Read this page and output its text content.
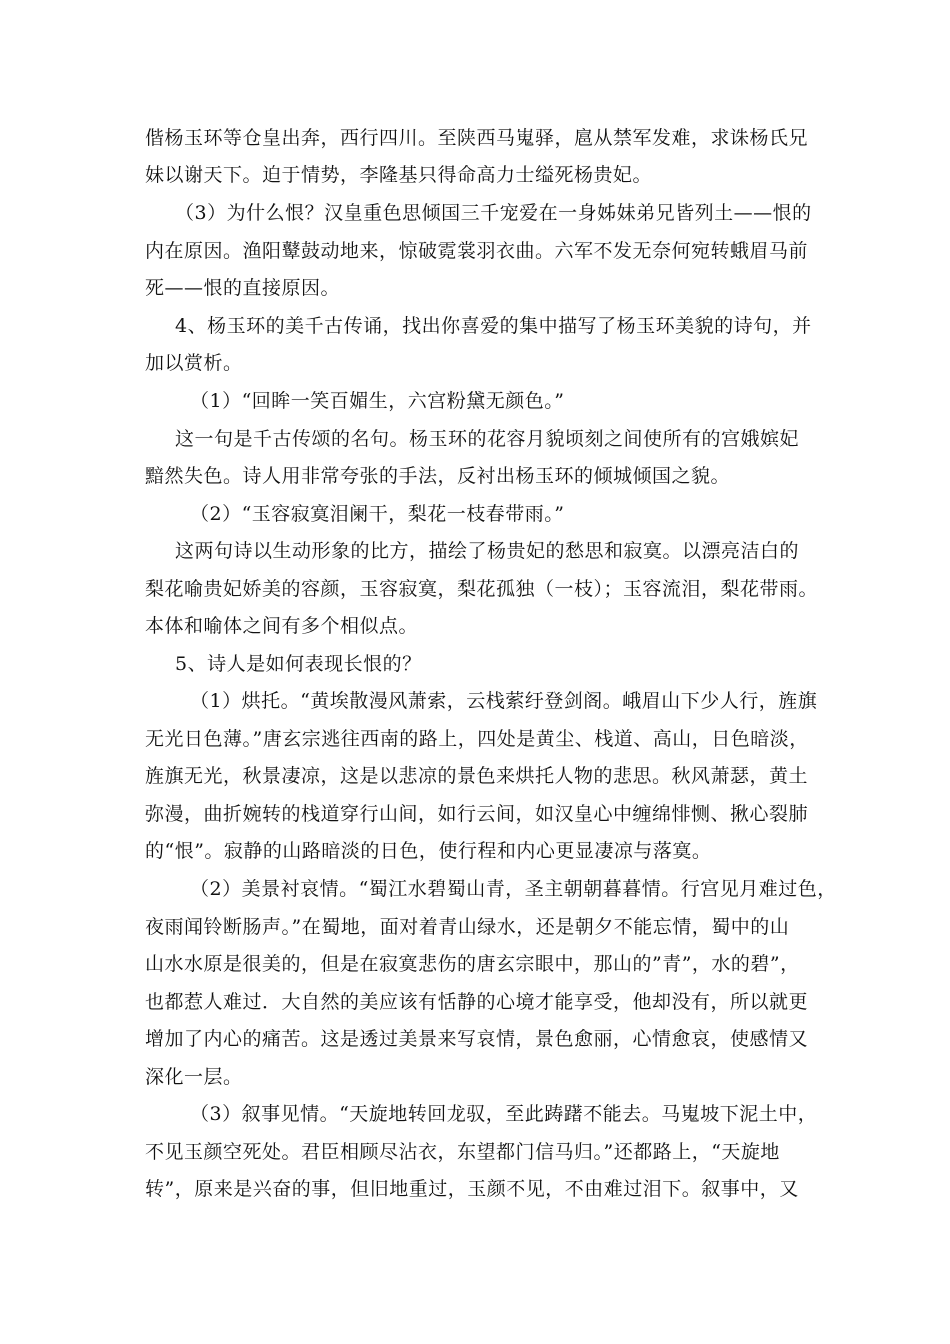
偕杨玉环等仓皇出奔，西行四川。至陕西马嵬驿，扈从禁军发难，求诛杨氏兄
妹以谢天下。迫于情势，李隆基只得命高力士缢死杨贵妃。
（3）为什么恨？汉皇重色思倾国三千宠爱在一身姊妹弟兄皆列土——恨的
内在原因。渔阳鼙鼓动地来，惊破霓裳羽衣曲。六军不发无奈何宛转蛾眉马前
死——恨的直接原因。
4、杨玉环的美千古传诵，找出你喜爱的集中描写了杨玉环美貌的诗句，并
加以赏析。
（1）“回眸一笑百媚生，六宫粉黛无颜色。”
这一句是千古传颂的名句。杨玉环的花容月貌顷刻之间使所有的宫娥嫔妃
黯然失色。诗人用非常夸张的手法，反衬出杨玉环的倾城倾国之貌。
（2）“玉容寂寞泪阑干，梨花一枝春带雨。”
这两句诗以生动形象的比方，描绘了杨贵妃的愁思和寂寞。以漂亮洁白的
梨花喻贵妃娇美的容颜，玉容寂寞，梨花孤独（一枝）；玉容流泪，梨花带雨。
本体和喻体之间有多个相似点。
5、诗人是如何表现长恨的？
（1）烘托。“黄埃散漫风萧索，云栈萦纡登剑阁。峨眉山下少人行，旌旗
无光日色薄。”唐玄宗逃往西南的路上，四处是黄尘、栈道、高山，日色暗淡，
旌旗无光，秋景凄凉，这是以悲凉的景色来烘托人物的悲思。秋风萧瑟，黄土
弥漫，曲折婉转的栈道穿行山间，如行云间，如汉皇心中缠绵悱恻、揪心裂肺
的“恨”。寂静的山路暗淡的日色，使行程和内心更显凄凉与落寞。
（2）美景衬哀情。“蜀江水碧蜀山青，圣主朝朝暮暮情。行宫见月难过色，
夜雨闻铃断肠声。”在蜀地，面对着青山绿水，还是朝夕不能忘情，蜀中的山
山水水原是很美的，但是在寂寞悲伤的唐玄宗眼中，那山的”青”，水的碧”，
也都惹人难过．大自然的美应该有恬静的心境才能享受，他却没有，所以就更
增加了内心的痛苦。这是透过美景来写哀情，景色愈丽，心情愈哀，使感情又
深化一层。
（3）叙事见情。“天旋地转回龙驭，至此踌躇不能去。马嵬坡下泥土中，
不见玉颜空死处。君臣相顾尽沾衣，东望都门信马归。”还都路上，“天旋地
转”，原来是兴奋的事，但旧地重过，玉颜不见，不由难过泪下。叙事中，又
